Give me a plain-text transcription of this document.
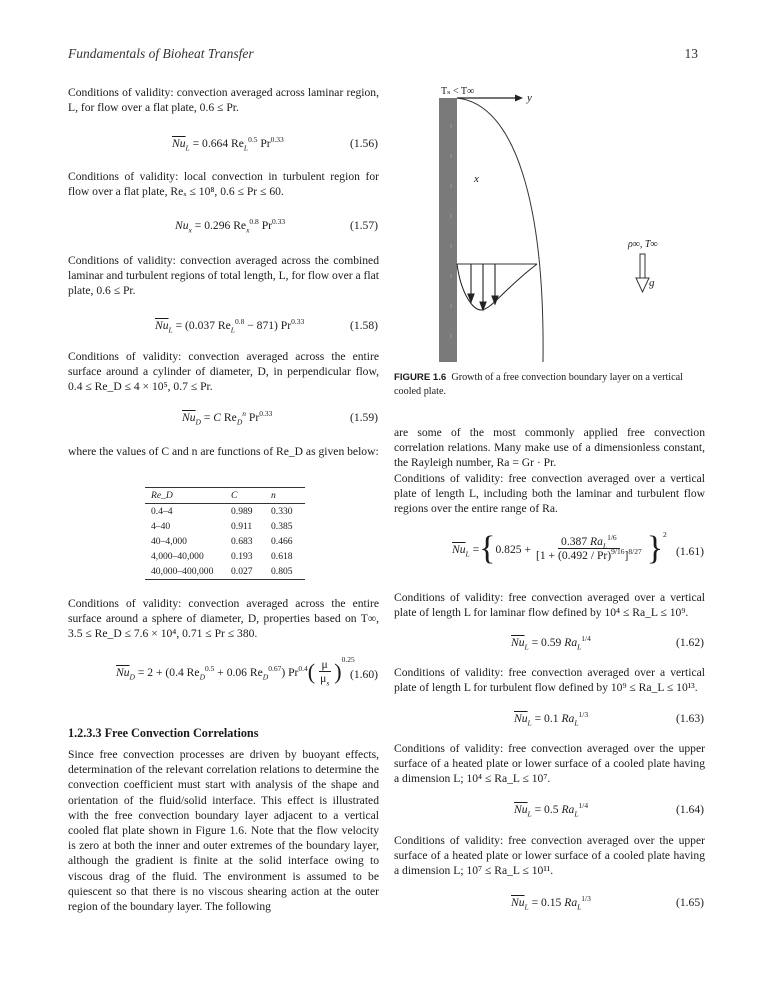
Fundamentals of Bioheat Transfer	13
Conditions of validity: convection averaged across laminar region, L, for flow over a flat plate, 0.6 ≤ Pr.
$\overline{Nu}_L = 0.664$ $Re_L^{0.5}$ $Pr^{0.33}$	(1.56)
Conditions of validity: local convection in turbulent region for flow over a flat plate, Reₓ ≤ 10⁸, 0.6 ≤ Pr ≤ 60.
$Nu_x = 0.296$ $Re_x^{0.8}$ $Pr^{0.33}$	(1.57)
Conditions of validity: convection averaged across the combined laminar and turbulent regions of total length, L, for flow over a flat plate, 0.6 ≤ Pr.
$\overline{Nu}_L = (0.037$ $Re_L^{0.8} - 871$) $Pr^{0.33}$	(1.58)
Conditions of validity: convection averaged across the entire surface around a cylinder of diameter, D, in perpendicular flow, 0.4 ≤ Re_D ≤ 4 × 10⁵, 0.7 ≤ Pr.
$\overline{Nu}_D = C$ $Re_D^n$ $Pr^{0.33}$	(1.59)
where the values of C and n are functions of Re_D as given below:
Re_D	C	n
0.4–4	0.989	0.330
4–40	0.911	0.385
40–4,000	0.683	0.466
4,000–40,000	0.193	0.618
40,000–400,000	0.027	0.805
Conditions of validity: convection averaged across the entire surface around a sphere of diameter, D, properties based on T∞, 3.5 ≤ Re_D ≤ 7.6 × 10⁴, 0.71 ≤ Pr ≤ 380.
$\overline{Nu}_D = 2 + (0.4$ $Re_D^{0.5} + 0.06$ $Re_D^{0.67}$) $Pr^{0.4}$ ( $\frac{\mu}{\mu_s} )^{0.25}$
(1.60)
1.2.3.3 Free Convection Correlations
Since free convection processes are driven by buoyant effects, determination of the relevant correlation relations to determine the convection coefficient must start with analysis of the shape and orientation of the fluid/solid interface. This effect is illustrated with the free convection boundary layer adjacent to a vertical cooled flat plate shown in Figure 1.6. Note that the flow velocity is zero at both the inner and outer extremes of the boundary layer, although the gradient is finite at the solid interface owing to viscous drag of the fluid. The environment is assumed to be quiescent so that there is no viscous shearing action at the outer region of the boundary layer. The following
Tₛ < T∞
y
x
ρ∞, T∞
g
FIGURE 1.6 Growth of a free convection boundary layer on a vertical cooled plate.
are some of the most commonly applied free convection correlation relations. Many make use of a dimensionless constant, the Rayleigh number, Ra = Gr · Pr.
Conditions of validity: free convection averaged over a vertical plate of length L, including both the laminar and turbulent flow regions over the entire range of Ra.
$\overline{Nu}_L$ = { $0.825 + \frac{0.387 Ra_L^{1/6}}{[1 + (0.492 / Pr)^{9/16}]^{8/27}} \}^2$
(1.61)
Conditions of validity: free convection averaged over a vertical plate of length L for laminar flow defined by 10⁴ ≤ Ra_L ≤ 10⁹.
$\overline{Nu}_L = 0.59$ $Ra_L^{1/4}$	(1.62)
Conditions of validity: free convection averaged over a vertical plate of length L for turbulent flow defined by 10⁹ ≤ Ra_L ≤ 10¹³.
$\overline{Nu}_L = 0.1$ $Ra_L^{1/3}$	(1.63)
Conditions of validity: free convection averaged over the upper surface of a heated plate or lower surface of a cooled plate having a dimension L; 10⁴ ≤ Ra_L ≤ 10⁷.
$\overline{Nu}_L = 0.5$ $Ra_L^{1/4}$	(1.64)
Conditions of validity: free convection averaged over the upper surface of a heated plate or lower surface of a cooled plate having a dimension L; 10⁷ ≤ Ra_L ≤ 10¹¹.
$\overline{Nu}_L = 0.15$ $Ra_L^{1/3}$	(1.65)
